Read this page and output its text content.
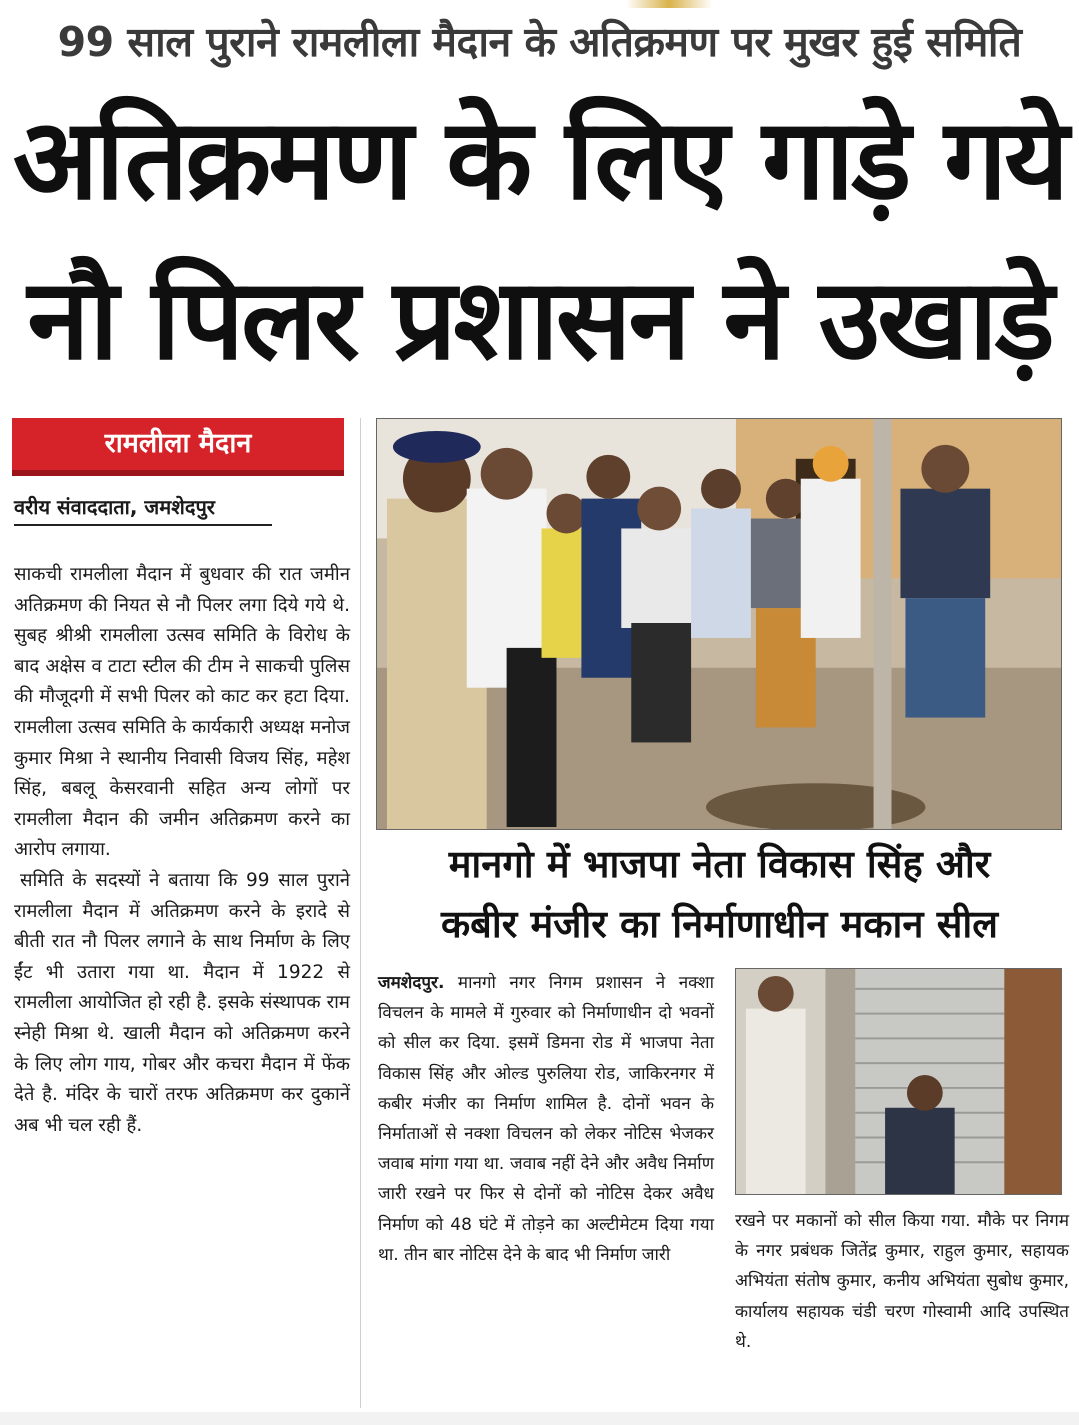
99 साल पुराने रामलीला मैदान के अतिक्रमण पर मुखर हुई समिति
अतिक्रमण के लिए गाड़े गये
नौ पिलर प्रशासन ने उखाड़े
रामलीला मैदान
वरीय संवाददाता, जमशेदपुर

साकची रामलीला मैदान में बुधवार की रात जमीन अतिक्रमण की नियत से नौ पिलर लगा दिये गये थे. सुबह श्रीश्री रामलीला उत्सव समिति के विरोध के बाद अक्षेस व टाटा स्टील की टीम ने साकची पुलिस की मौजूदगी में सभी पिलर को काट कर हटा दिया. रामलीला उत्सव समिति के कार्यकारी अध्यक्ष मनोज कुमार मिश्रा ने स्थानीय निवासी विजय सिंह, महेश सिंह, बबलू केसरवानी सहित अन्य लोगों पर रामलीला मैदान की जमीन अतिक्रमण करने का आरोप लगाया.

समिति के सदस्यों ने बताया कि 99 साल पुराने रामलीला मैदान में अतिक्रमण करने के इरादे से बीती रात नौ पिलर लगाने के साथ निर्माण के लिए ईंट भी उतारा गया था. मैदान में 1922 से रामलीला आयोजित हो रही है. इसके संस्थापक राम स्नेही मिश्रा थे. खाली मैदान को अतिक्रमण करने के लिए लोग गाय, गोबर और कचरा मैदान में फेंक देते है. मंदिर के चारों तरफ अतिक्रमण कर दुकानें अब भी चल रही हैं.

मानगो में भाजपा नेता विकास सिंह और
कबीर मंजीर का निर्माणाधीन मकान सील
जमशेदपुर. मानगो नगर निगम प्रशासन ने नक्शा विचलन के मामले में गुरुवार को निर्माणाधीन दो भवनों को सील कर दिया. इसमें डिमना रोड में भाजपा नेता विकास सिंह और ओल्ड पुरुलिया रोड, जाकिरनगर में कबीर मंजीर का निर्माण शामिल है. दोनों भवन के निर्माताओं से नक्शा विचलन को लेकर नोटिस भेजकर जवाब मांगा गया था. जवाब नहीं देने और अवैध निर्माण जारी रखने पर फिर से दोनों को नोटिस देकर अवैध निर्माण को 48 घंटे में तोड़ने का अल्टीमेटम दिया गया था. तीन बार नोटिस देने के बाद भी निर्माण जारी
रखने पर मकानों को सील किया गया. मौके पर निगम के नगर प्रबंधक जितेंद्र कुमार, राहुल कुमार, सहायक अभियंता संतोष कुमार, कनीय अभियंता सुबोध कुमार, कार्यालय सहायक चंडी चरण गोस्वामी आदि उपस्थित थे.
